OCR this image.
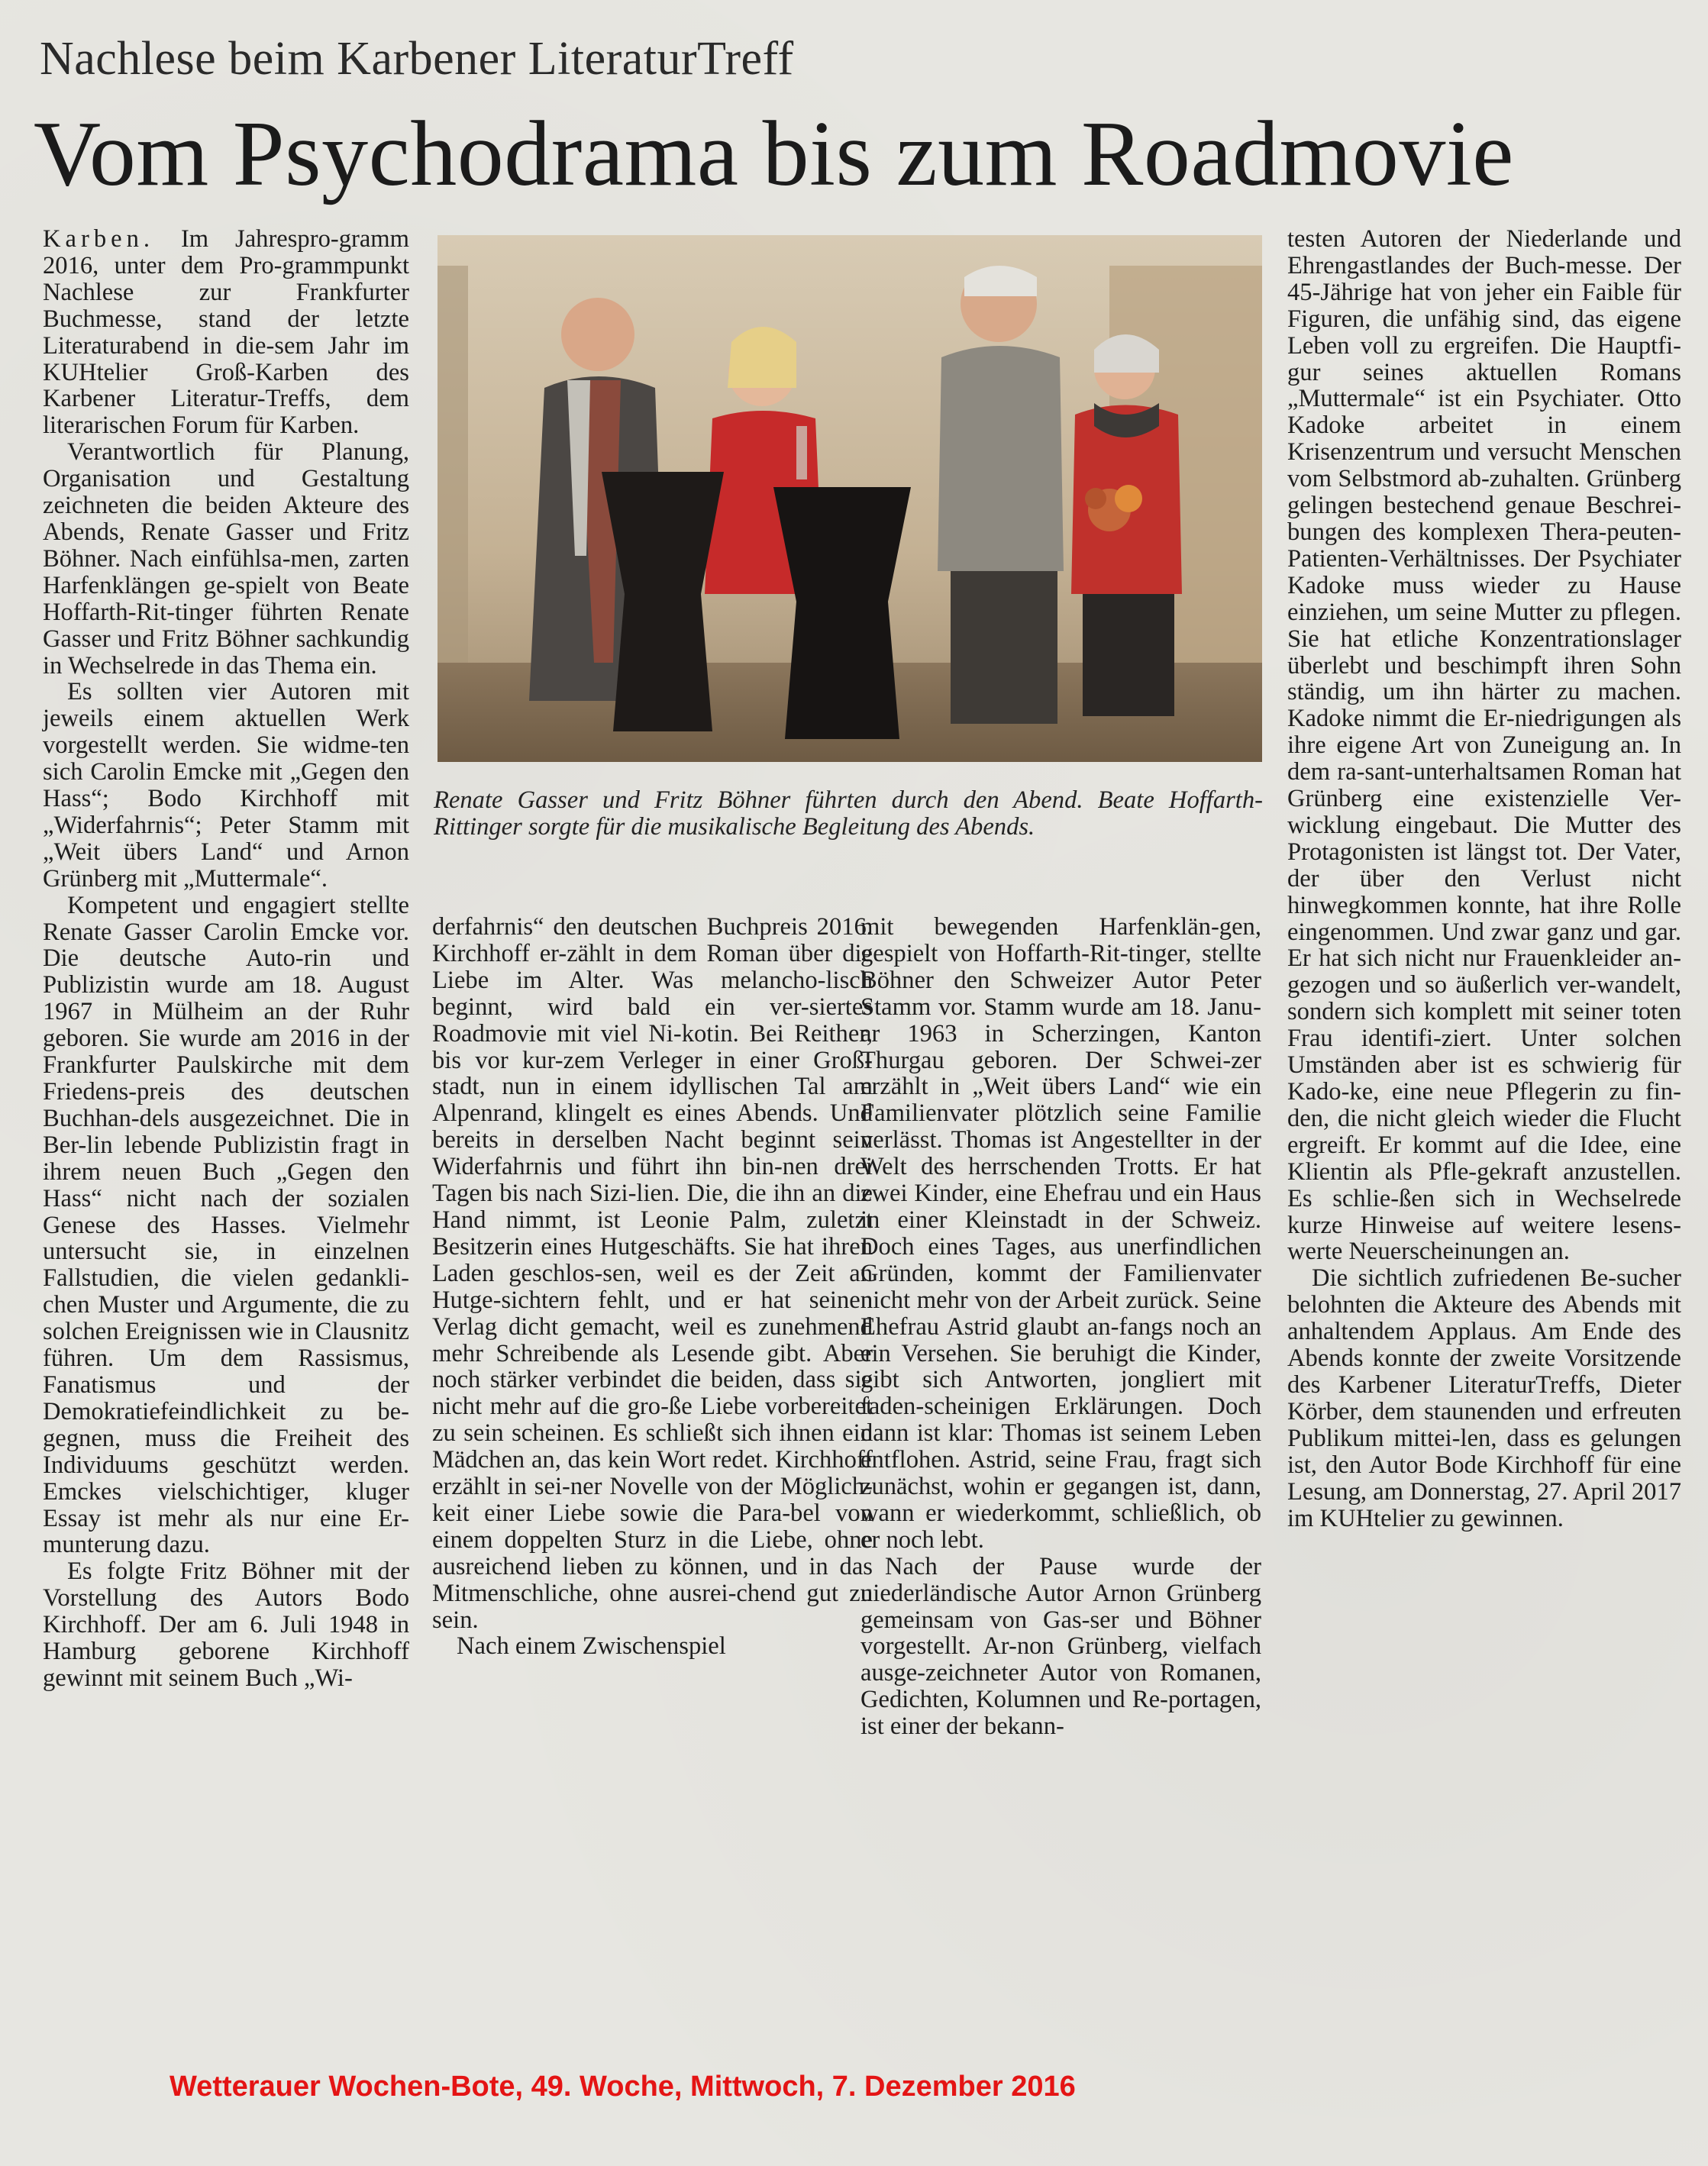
Nachlese beim Karbener LiteraturTreff
Vom Psychodrama bis zum Roadmovie

Karben. Im Jahrespro-gramm 2016, unter dem Pro-grammpunkt Nachlese zur Frankfurter Buchmesse, stand der letzte Literaturabend in die-sem Jahr im KUHtelier Groß-Karben des Karbener Literatur-Treffs, dem literarischen Forum für Karben.

Verantwortlich für Planung, Organisation und Gestaltung zeichneten die beiden Akteure des Abends, Renate Gasser und Fritz Böhner. Nach einfühlsa-men, zarten Harfenklängen ge-spielt von Beate Hoffarth-Rit-tinger führten Renate Gasser und Fritz Böhner sachkundig in Wechselrede in das Thema ein.

Es sollten vier Autoren mit jeweils einem aktuellen Werk vorgestellt werden. Sie widme-ten sich Carolin Emcke mit „Gegen den Hass“; Bodo Kirchhoff mit „Widerfahrnis“; Peter Stamm mit „Weit übers Land“ und Arnon Grünberg mit „Muttermale“.

Kompetent und engagiert stellte Renate Gasser Carolin Emcke vor. Die deutsche Auto-rin und Publizistin wurde am 18. August 1967 in Mülheim an der Ruhr geboren. Sie wurde am 2016 in der Frankfurter Paulskirche mit dem Friedens-preis des deutschen Buchhan-dels ausgezeichnet. Die in Ber-lin lebende Publizistin fragt in ihrem neuen Buch „Gegen den Hass“ nicht nach der sozialen Genese des Hasses. Vielmehr untersucht sie, in einzelnen Fallstudien, die vielen gedankli-chen Muster und Argumente, die zu solchen Ereignissen wie in Clausnitz führen. Um dem Rassismus, Fanatismus und der Demokratiefeindlichkeit zu be-gegnen, muss die Freiheit des Individuums geschützt werden. Emckes vielschichtiger, kluger Essay ist mehr als nur eine Er-munterung dazu.

Es folgte Fritz Böhner mit der Vorstellung des Autors Bodo Kirchhoff. Der am 6. Juli 1948 in Hamburg geborene Kirchhoff gewinnt mit seinem Buch „Wi-

Renate Gasser und Fritz Böhner führten durch den Abend. Beate Hoffarth-Rittinger sorgte für die musikalische Begleitung des Abends.

derfahrnis“ den deutschen Buchpreis 2016. Kirchhoff er-zählt in dem Roman über die Liebe im Alter. Was melancho-lisch beginnt, wird bald ein ver-siertes Roadmovie mit viel Ni-kotin. Bei Reither, bis vor kur-zem Verleger in einer Groß-stadt, nun in einem idyllischen Tal am Alpenrand, klingelt es eines Abends. Und bereits in derselben Nacht beginnt sein Widerfahrnis und führt ihn bin-nen drei Tagen bis nach Sizi-lien. Die, die ihn an die Hand nimmt, ist Leonie Palm, zuletzt Besitzerin eines Hutgeschäfts. Sie hat ihren Laden geschlos-sen, weil es der Zeit an Hutge-sichtern fehlt, und er hat seinen Verlag dicht gemacht, weil es zunehmend mehr Schreibende als Lesende gibt. Aber noch stärker verbindet die beiden, dass sie nicht mehr auf die gro-ße Liebe vorbereitet zu sein scheinen. Es schließt sich ihnen ein Mädchen an, das kein Wort redet. Kirchhoff erzählt in sei-ner Novelle von der Möglich-keit einer Liebe sowie die Para-bel von einem doppelten Sturz in die Liebe, ohne ausreichend lieben zu können, und in das Mitmenschliche, ohne ausrei-chend gut zu sein.

Nach einem Zwischenspiel

mit bewegenden Harfenklän-gen, gespielt von Hoffarth-Rit-tinger, stellte Böhner den Schweizer Autor Peter Stamm vor. Stamm wurde am 18. Janu-ar 1963 in Scherzingen, Kanton Thurgau geboren. Der Schwei-zer erzählt in „Weit übers Land“ wie ein Familienvater plötzlich seine Familie verlässt. Thomas ist Angestellter in der Welt des herrschenden Trotts. Er hat zwei Kinder, eine Ehefrau und ein Haus in einer Kleinstadt in der Schweiz. Doch eines Tages, aus unerfindlichen Gründen, kommt der Familienvater nicht mehr von der Arbeit zurück. Seine Ehefrau Astrid glaubt an-fangs noch an ein Versehen. Sie beruhigt die Kinder, gibt sich Antworten, jongliert mit faden-scheinigen Erklärungen. Doch dann ist klar: Thomas ist seinem Leben entflohen. Astrid, seine Frau, fragt sich zunächst, wohin er gegangen ist, dann, wann er wiederkommt, schließlich, ob er noch lebt.

Nach der Pause wurde der niederländische Autor Arnon Grünberg gemeinsam von Gas-ser und Böhner vorgestellt. Ar-non Grünberg, vielfach ausge-zeichneter Autor von Romanen, Gedichten, Kolumnen und Re-portagen, ist einer der bekann-

testen Autoren der Niederlande und Ehrengastlandes der Buch-messe. Der 45-Jährige hat von jeher ein Faible für Figuren, die unfähig sind, das eigene Leben voll zu ergreifen. Die Hauptfi-gur seines aktuellen Romans „Muttermale“ ist ein Psychiater. Otto Kadoke arbeitet in einem Krisenzentrum und versucht Menschen vom Selbstmord ab-zuhalten. Grünberg gelingen bestechend genaue Beschrei-bungen des komplexen Thera-peuten-Patienten-Verhältnisses. Der Psychiater Kadoke muss wieder zu Hause einziehen, um seine Mutter zu pflegen. Sie hat etliche Konzentrationslager überlebt und beschimpft ihren Sohn ständig, um ihn härter zu machen. Kadoke nimmt die Er-niedrigungen als ihre eigene Art von Zuneigung an. In dem ra-sant-unterhaltsamen Roman hat Grünberg eine existenzielle Ver-wicklung eingebaut. Die Mutter des Protagonisten ist längst tot. Der Vater, der über den Verlust nicht hinwegkommen konnte, hat ihre Rolle eingenommen. Und zwar ganz und gar. Er hat sich nicht nur Frauenkleider an-gezogen und so äußerlich ver-wandelt, sondern sich komplett mit seiner toten Frau identifi-ziert. Unter solchen Umständen aber ist es schwierig für Kado-ke, eine neue Pflegerin zu fin-den, die nicht gleich wieder die Flucht ergreift. Er kommt auf die Idee, eine Klientin als Pfle-gekraft anzustellen. Es schlie-ßen sich in Wechselrede kurze Hinweise auf weitere lesens-werte Neuerscheinungen an.

Die sichtlich zufriedenen Be-sucher belohnten die Akteure des Abends mit anhaltendem Applaus. Am Ende des Abends konnte der zweite Vorsitzende des Karbener LiteraturTreffs, Dieter Körber, dem staunenden und erfreuten Publikum mittei-len, dass es gelungen ist, den Autor Bode Kirchhoff für eine Lesung, am Donnerstag, 27. April 2017 im KUHtelier zu gewinnen.

Wetterauer Wochen-Bote, 49. Woche, Mittwoch, 7. Dezember 2016
